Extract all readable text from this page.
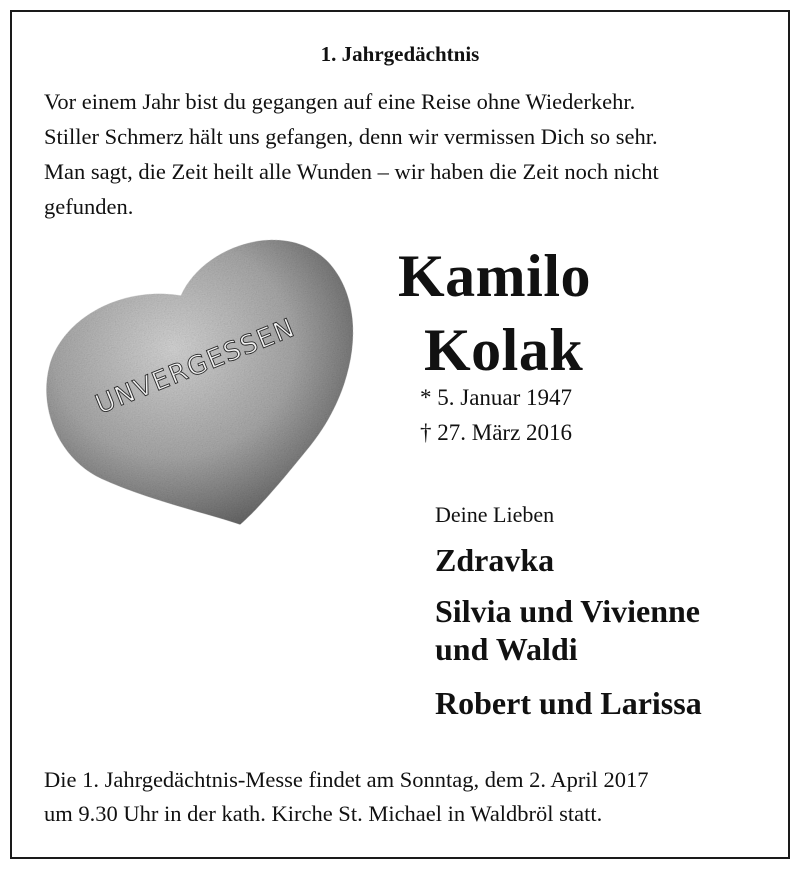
1. Jahrgedächtnis
Vor einem Jahr bist du gegangen auf eine Reise ohne Wiederkehr.
Stiller Schmerz hält uns gefangen, denn wir vermissen Dich so sehr.
Man sagt, die Zeit heilt alle Wunden – wir haben die Zeit noch nicht
gefunden.
UNVERGESSEN
Kamilo
Kolak
* 5. Januar 1947
† 27. März 2016
Deine Lieben
Zdravka
Silvia und Vivienne
und Waldi
Robert und Larissa
Die 1. Jahrgedächtnis-Messe findet am Sonntag, dem 2. April 2017
um 9.30 Uhr in der kath. Kirche St. Michael in Waldbröl statt.
